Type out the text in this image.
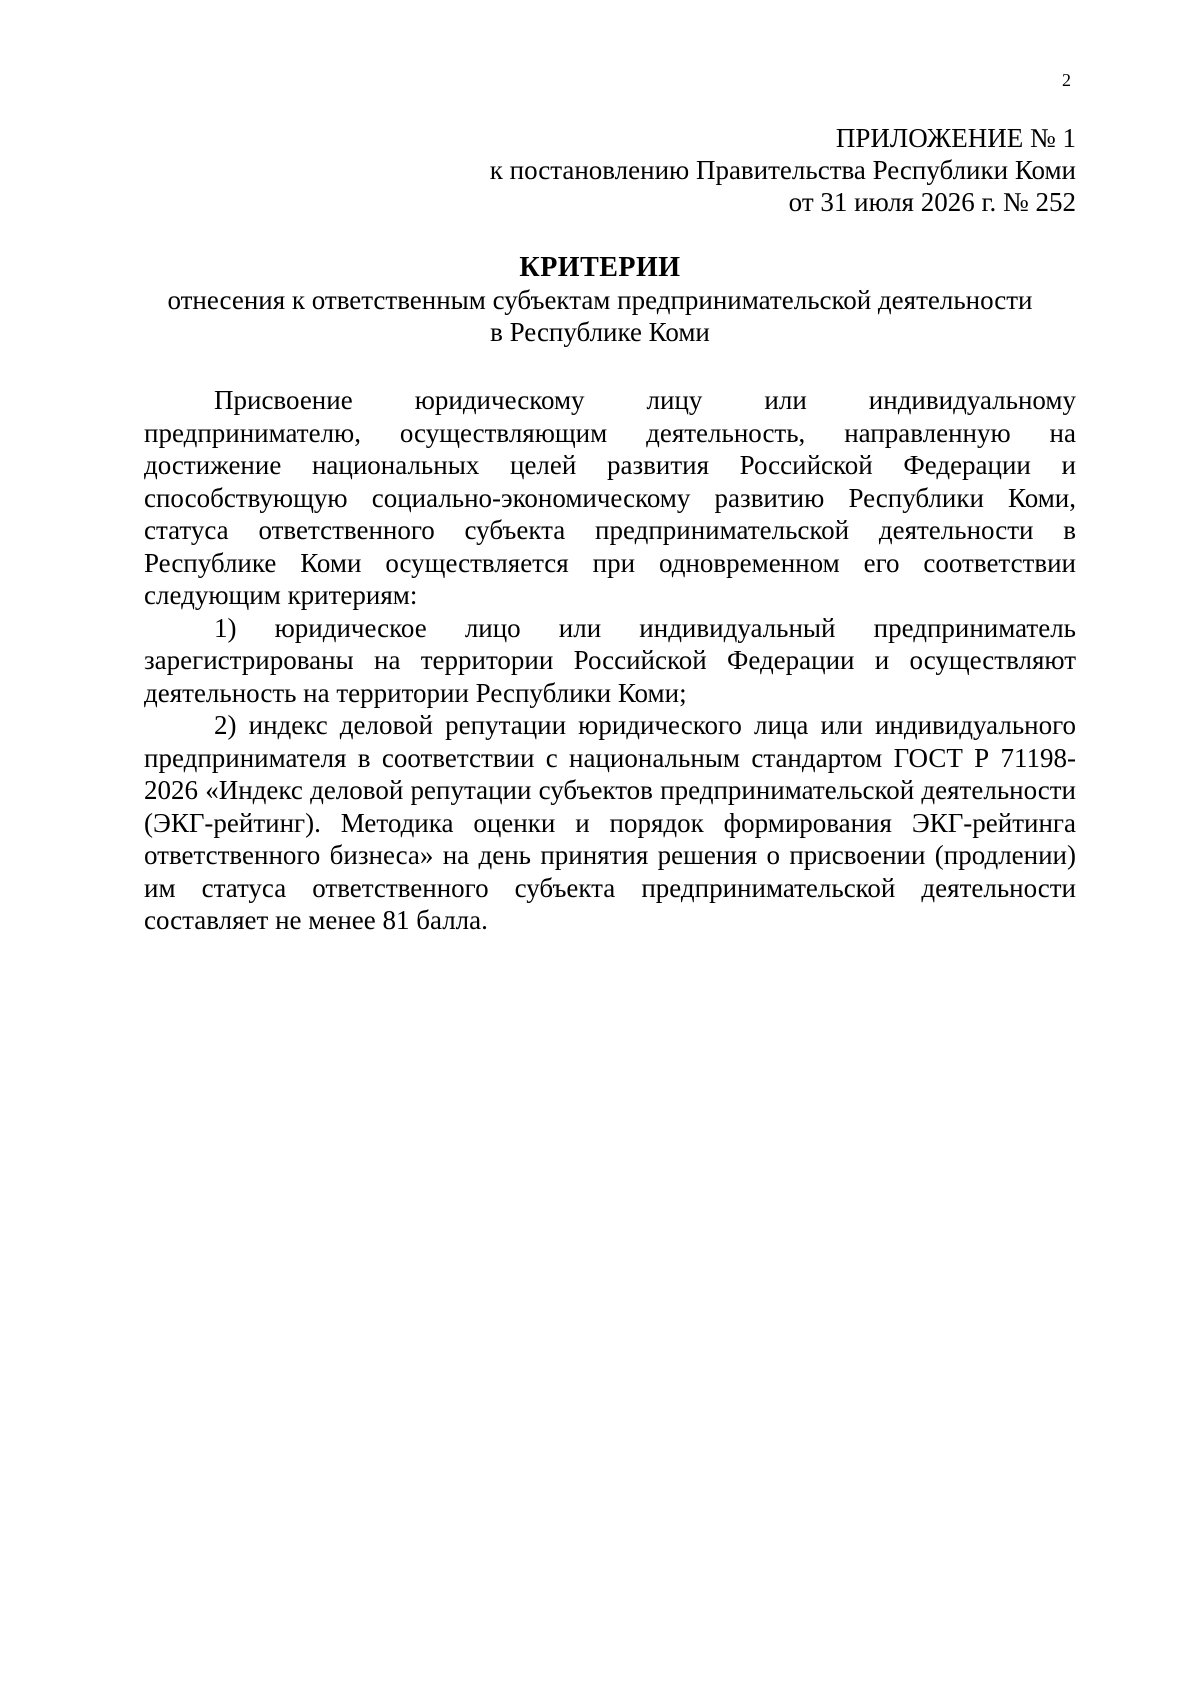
2
ПРИЛОЖЕНИЕ № 1
к постановлению Правительства Республики Коми
от 31 июля 2026 г. № 252
КРИТЕРИИ
отнесения к ответственным субъектам предпринимательской деятельности
в Республике Коми

Присвоение юридическому лицу или индивидуальному предпринимателю, осуществляющим деятельность, направленную на достижение национальных целей развития Российской Федерации и способствующую социально-экономическому развитию Республики Коми, статуса ответственного субъекта предпринимательской деятельности в Республике Коми осуществляется при одновременном его соответствии следующим критериям:

1) юридическое лицо или индивидуальный предприниматель зарегистрированы на территории Российской Федерации и осуществляют деятельность на территории Республики Коми;

2) индекс деловой репутации юридического лица или индивидуального предпринимателя в соответствии с национальным стандартом ГОСТ Р 71198-2026 «Индекс деловой репутации субъектов предпринимательской деятельности (ЭКГ-рейтинг). Методика оценки и порядок формирования ЭКГ-рейтинга ответственного бизнеса» на день принятия решения о присвоении (продлении) им статуса ответственного субъекта предпринимательской деятельности составляет не менее 81 балла.
